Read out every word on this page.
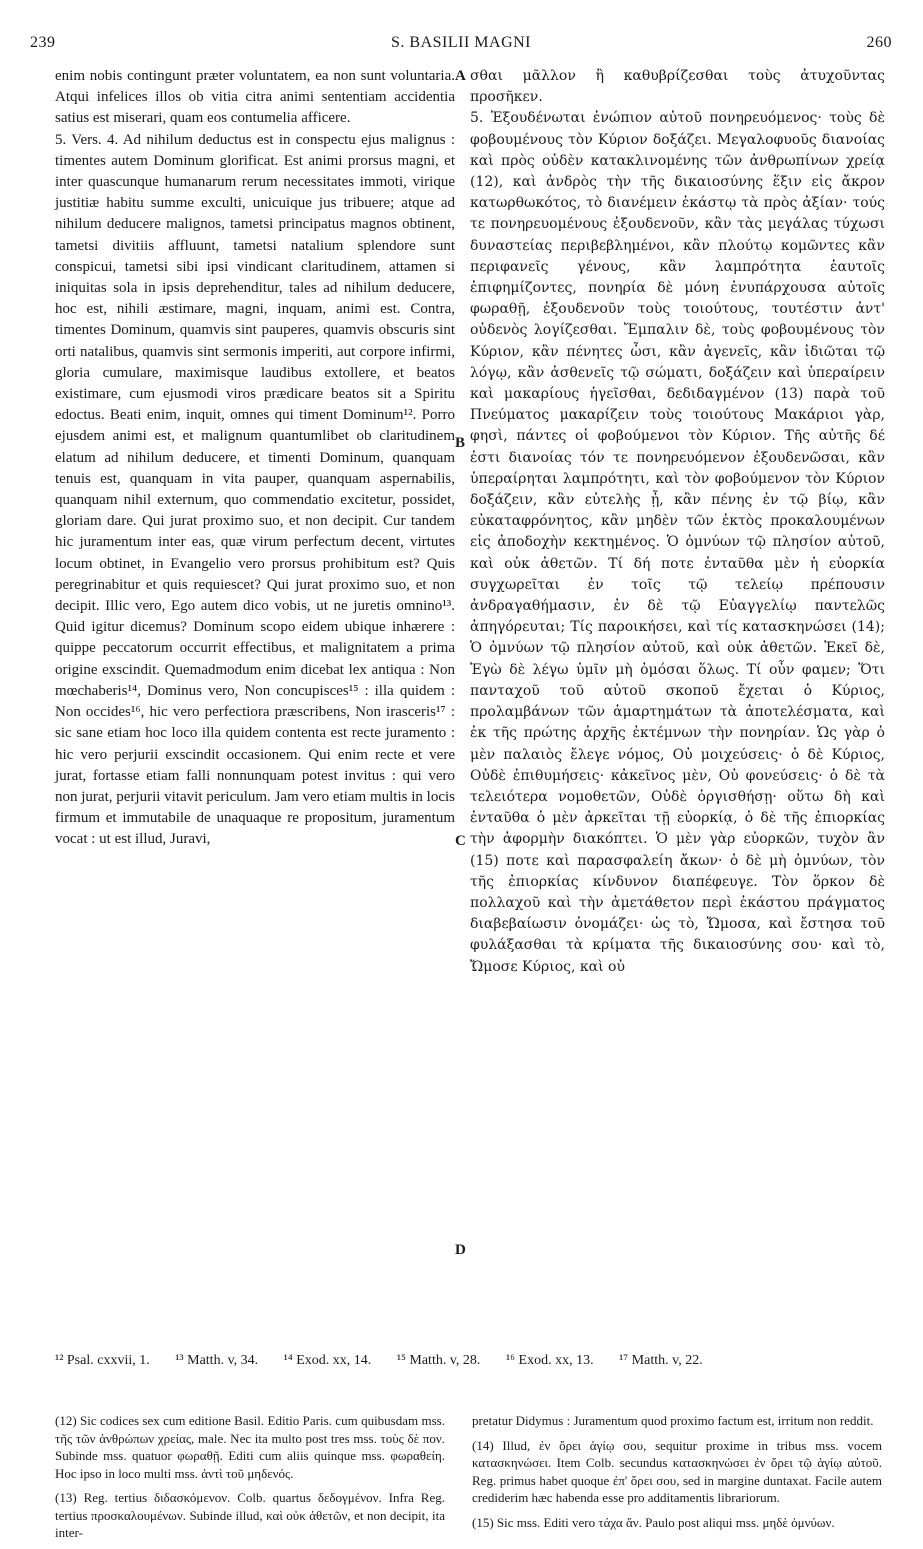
239	S. BASILII MAGNI	260

enim nobis contingunt præter voluntatem, ea non sunt voluntaria. Atqui infelices illos ob vitia citra animi sententiam accidentia satius est miserari, quam eos contumelia afficere.

5. Vers. 4. Ad nihilum deductus est in conspectu ejus malignus : timentes autem Dominum glorificat. Est animi prorsus magni, et inter quascunque humanarum rerum necessitates immoti, virique justitiæ habitu summe exculti, unicuique jus tribuere; atque ad nihilum deducere malignos, tametsi principatus magnos obtinent, tametsi divitiis affluunt, tametsi natalium splendore sunt conspicui, tametsi sibi ipsi vindicant claritudinem, attamen si iniquitas sola in ipsis deprehenditur, tales ad nihilum deducere, hoc est, nihili æstimare, magni, inquam, animi est. Contra, timentes Dominum, quamvis sint pauperes, quamvis obscuris sint orti natalibus, quamvis sint sermonis imperiti, aut corpore infirmi, gloria cumulare, maximisque laudibus extollere, et beatos existimare, cum ejusmodi viros prædicare beatos sit a Spiritu edoctus. Beati enim, inquit, omnes qui timent Dominum¹². Porro ejusdem animi est, et malignum quantumlibet ob claritudinem elatum ad nihilum deducere, et timenti Dominum, quanquam tenuis est, quanquam in vita pauper, quanquam aspernabilis, quanquam nihil externum, quo commendatio excitetur, possidet, gloriam dare. Qui jurat proximo suo, et non decipit. Cur tandem hic juramentum inter eas, quæ virum perfectum decent, virtutes locum obtinet, in Evangelio vero prorsus prohibitum est? Quis peregrinabitur et quis requiescet? Qui jurat proximo suo, et non decipit. Illic vero, Ego autem dico vobis, ut ne juretis omnino¹³. Quid igitur dicemus? Dominum scopo eidem ubique inhærere : quippe peccatorum occurrit effectibus, et malignitatem a prima origine exscindit. Quemadmodum enim dicebat lex antiqua : Non mœchaberis¹⁴, Dominus vero, Non concupisces¹⁵ : illa quidem : Non occides¹⁶, hic vero perfectiora præscribens, Non irasceris¹⁷ : sic sane etiam hoc loco illa quidem contenta est recte juramento : hic vero perjurii exscindit occasionem. Qui enim recte et vere jurat, fortasse etiam falli nonnunquam potest invitus : qui vero non jurat, perjurii vitavit periculum. Jam vero etiam multis in locis firmum et immutabile de unaquaque re propositum, juramentum vocat : ut est illud, Juravi,

A
B
C
D

σθαι μᾶλλον ἢ καθυβρίζεσθαι τοὺς ἀτυχοῦντας προσῆκεν.

5. Ἐξουδένωται ἐνώπιον αὐτοῦ πονηρευόμενος· τοὺς δὲ φοβουμένους τὸν Κύριον δοξάζει. Μεγαλοφυοῦς διανοίας καὶ πρὸς οὐδὲν κατακλινομένης τῶν ἀνθρωπίνων χρείᾳ (12), καὶ ἀνδρὸς τὴν τῆς δικαιοσύνης ἕξιν εἰς ἄκρον κατωρθωκότος, τὸ διανέμειν ἑκάστῳ τὰ πρὸς ἀξίαν· τούς τε πονηρευομένους ἐξουδενοῦν, κἂν τὰς μεγάλας τύχωσι δυναστείας περιβεβλημένοι, κἂν πλούτῳ κομῶντες κἂν περιφανεῖς γένους, κἂν λαμπρότητα ἑαυτοῖς ἐπιφημίζοντες, πονηρία δὲ μόνη ἐνυπάρχουσα αὐτοῖς φωραθῇ, ἐξουδενοῦν τοὺς τοιούτους, τουτέστιν ἀντ' οὐδενὸς λογίζεσθαι. Ἔμπαλιν δὲ, τοὺς φοβουμένους τὸν Κύριον, κἂν πένητες ὦσι, κἂν ἀγενεῖς, κἂν ἰδιῶται τῷ λόγῳ, κἂν ἀσθενεῖς τῷ σώματι, δοξάζειν καὶ ὑπεραίρειν καὶ μακαρίους ἡγεῖσθαι, δεδιδαγμένον (13) παρὰ τοῦ Πνεύματος μακαρίζειν τοὺς τοιούτους Μακάριοι γὰρ, φησὶ, πάντες οἱ φοβούμενοι τὸν Κύριον. Τῆς αὐτῆς δέ ἐστι διανοίας τόν τε πονηρευόμενον ἐξουδενῶσαι, κἂν ὑπεραίρηται λαμπρότητι, καὶ τὸν φοβούμενον τὸν Κύριον δοξάζειν, κἂν εὐτελὴς ᾖ, κἂν πένης ἐν τῷ βίῳ, κἂν εὐκαταφρόνητος, κἂν μηδὲν τῶν ἐκτὸς προκαλουμένων εἰς ἀποδοχὴν κεκτημένος. Ὁ ὀμνύων τῷ πλησίον αὐτοῦ, καὶ οὐκ ἀθετῶν. Τί δή ποτε ἐνταῦθα μὲν ἡ εὐορκία συγχωρεῖται ἐν τοῖς τῷ τελείῳ πρέπουσιν ἀνδραγαθήμασιν, ἐν δὲ τῷ Εὐαγγελίῳ παντελῶς ἀπηγόρευται; Τίς παροικήσει, καὶ τίς κατασκηνώσει (14); Ὁ ὀμνύων τῷ πλησίον αὐτοῦ, καὶ οὐκ ἀθετῶν. Ἐκεῖ δὲ, Ἐγὼ δὲ λέγω ὑμῖν μὴ ὀμόσαι ὅλως. Τί οὖν φαμεν; Ὅτι πανταχοῦ τοῦ αὐτοῦ σκοποῦ ἔχεται ὁ Κύριος, προλαμβάνων τῶν ἁμαρτημάτων τὰ ἀποτελέσματα, καὶ ἐκ τῆς πρώτης ἀρχῆς ἐκτέμνων τὴν πονηρίαν. Ὡς γὰρ ὁ μὲν παλαιὸς ἔλεγε νόμος, Οὐ μοιχεύσεις· ὁ δὲ Κύριος, Οὐδὲ ἐπιθυμήσεις· κἀκεῖνος μὲν, Οὐ φονεύσεις· ὁ δὲ τὰ τελειότερα νομοθετῶν, Οὐδὲ ὀργισθήσῃ· οὕτω δὴ καὶ ἐνταῦθα ὁ μὲν ἀρκεῖται τῇ εὐορκίᾳ, ὁ δὲ τῆς ἐπιορκίας τὴν ἀφορμὴν διακόπτει. Ὁ μὲν γὰρ εὐορκῶν, τυχὸν ἂν (15) ποτε καὶ παρασφαλείη ἄκων· ὁ δὲ μὴ ὀμνύων, τὸν τῆς ἐπιορκίας κίνδυνον διαπέφευγε. Τὸν ὅρκον δὲ πολλαχοῦ καὶ τὴν ἀμετάθετον περὶ ἑκάστου πράγματος διαβεβαίωσιν ὀνομάζει· ὡς τὸ, Ὤμοσα, καὶ ἔστησα τοῦ φυλάξασθαι τὰ κρίματα τῆς δικαιοσύνης σου· καὶ τὸ, Ὤμοσε Κύριος, καὶ οὐ

¹² Psal. cxxvii, 1. ¹³ Matth. v, 34. ¹⁴ Exod. xx, 14. ¹⁵ Matth. v, 28. ¹⁶ Exod. xx, 13. ¹⁷ Matth. v, 22.

(12) Sic codices sex cum editione Basil. Editio Paris. cum quibusdam mss. τῆς τῶν ἀνθρώπων χρείας, male. Nec ita multo post tres mss. τοὺς δὲ πον. Subinde mss. quatuor φωραθῇ. Editi cum aliis quinque mss. φωραθείη. Hoc ipso in loco multi mss. ἀντὶ τοῦ μηδενός.

(13) Reg. tertius διδασκόμενον. Colb. quartus δεδογμένον. Infra Reg. tertius προσκαλουμένων. Subinde illud, καὶ οὐκ ἀθετῶν, et non decipit, ita inter-

pretatur Didymus : Juramentum quod proximo factum est, irritum non reddit.

(14) Illud, ἐν ὄρει ἁγίῳ σου, sequitur proxime in tribus mss. vocem κατασκηνώσει. Item Colb. secundus κατασκηνώσει ἐν ὄρει τῷ ἁγίῳ αὐτοῦ. Reg. primus habet quoque ἐπ' ὄρει σου, sed in margine duntaxat. Facile autem crediderim hæc habenda esse pro additamentis librariorum.

(15) Sic mss. Editi vero τάχα ἄν. Paulo post aliqui mss. μηδὲ ὀμνύων.
